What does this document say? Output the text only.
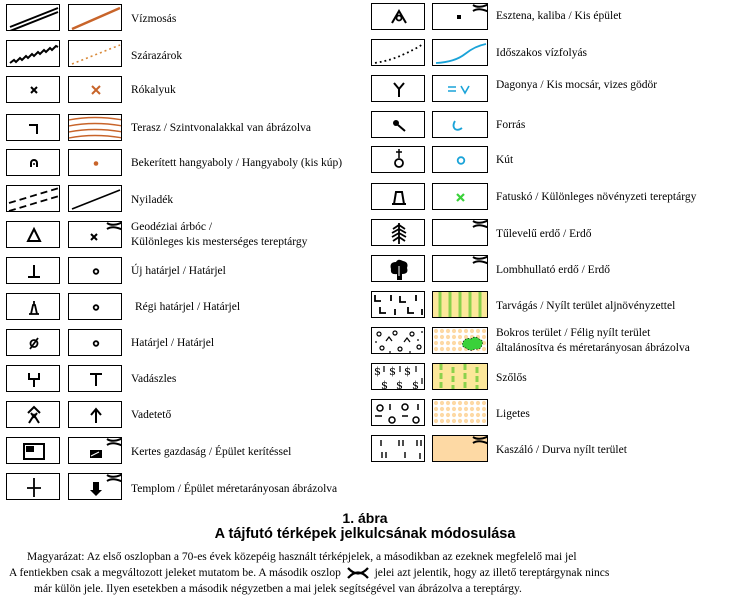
Vízmosás
Szárazárok
Rókalyuk
Terasz / Szintvonalakkal van ábrázolva
Bekerített hangyaboly / Hangyaboly (kis kúp)
Nyiladék
Geodéziai árbóc /
Különleges kis mesterséges tereptárgy
Új határjel / Határjel
Régi határjel / Határjel
Határjel / Határjel
Vadászles
Vadetető
Kertes gazdaság / Épület kerítéssel
Templom / Épület méretarányosan ábrázolva
Esztena, kaliba / Kis épület
Időszakos vízfolyás
Dagonya / Kis mocsár, vizes gödör
Forrás
Kút
Fatuskó / Különleges növényzeti tereptárgy
Tűlevelű erdő / Erdő
Lombhullató erdő / Erdő
Tarvágás / Nyílt terület aljnövényzettel
Bokros terület / Félig nyílt terület
általánosítva és méretarányosan ábrázolva
$ $ $
$ $ $
Szőlős
Ligetes
Kaszáló / Durva nyílt terület
1. ábra
A tájfutó térképek jelkulcsának módosulása
Magyarázat: Az első oszlopban a 70-es évek közepéig használt térképjelek, a másodikban az ezeknek megfelelő mai jel
A fentiekben csak a megváltozott jeleket mutatom be. A második oszlop	jelei azt jelentik, hogy az illető tereptárgynak nincs
már külön jele. Ilyen esetekben a második négyzetben a mai jelek segítségével van ábrázolva a tereptárgy.
